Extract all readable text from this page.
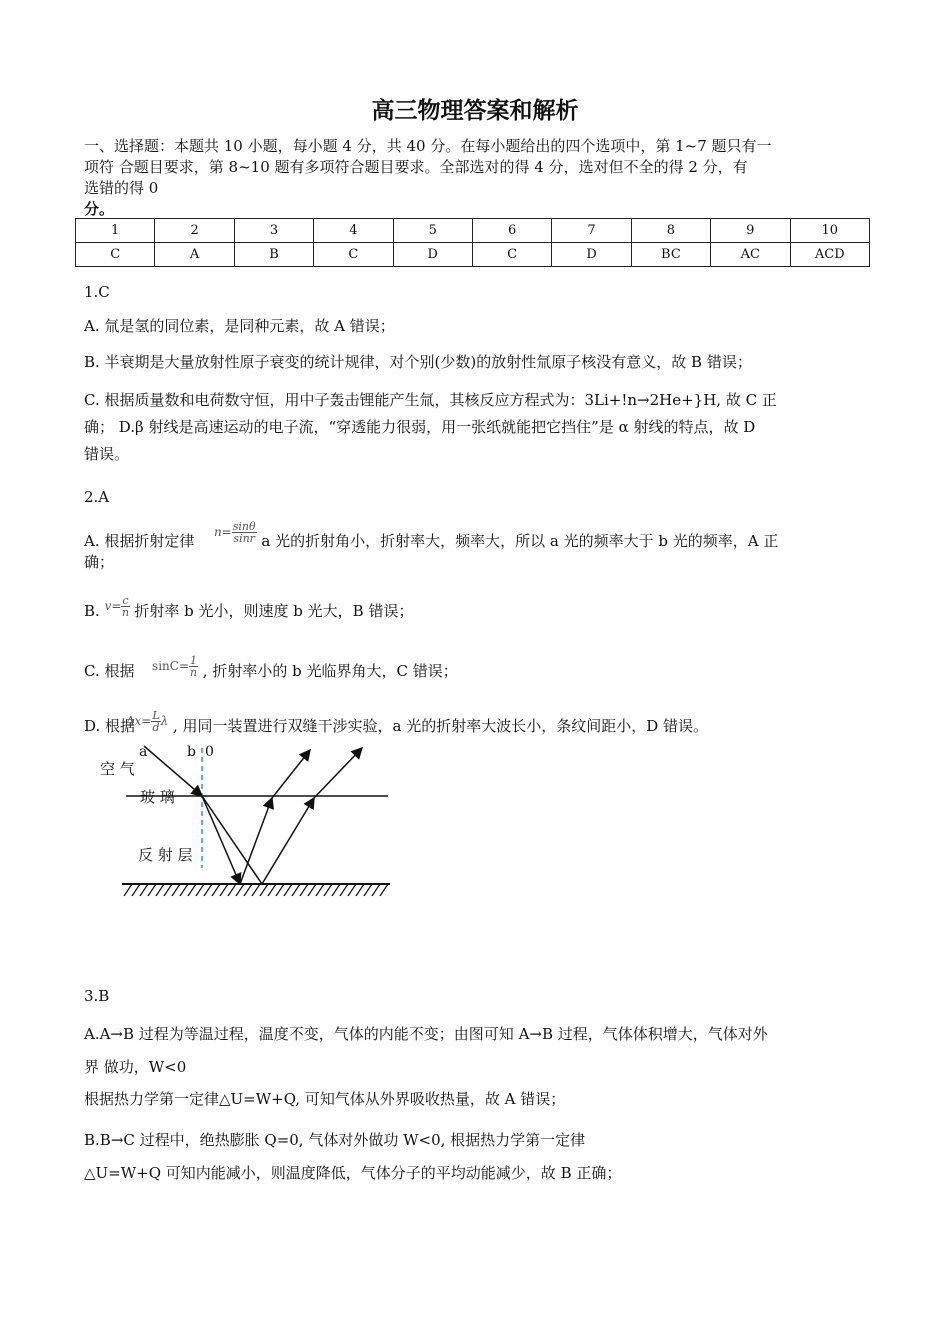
高三物理答案和解析
一、选择题：本题共 10 小题，每小题 4 分，共 40 分。在每小题给出的四个选项中，第 1~7 题只有一
项符 合题目要求，第 8~10 题有多项符合题目要求。全部选对的得 4 分，选对但不全的得 2 分，有
选错的得 0
分。
1	2	3	4	5	6	7	8	9	10
C	A	B	C	D	C	D	BC	AC	ACD
1.C
A. 氚是氢的同位素，是同种元素，故 A 错误；
B. 半衰期是大量放射性原子衰变的统计规律，对个别(少数)的放射性氚原子核没有意义，故 B 错误；
C. 根据质量数和电荷数守恒，用中子轰击锂能产生氚，其核反应方程式为：3Li+!n→2He+}H, 故 C 正
确； D.β 射线是高速运动的电子流，“穿透能力很弱，用一张纸就能把它挡住”是 α 射线的特点，故 D
错误。
2.A
A. 根据折射定律  $n= \frac{\sin\theta}{\sin r}$ a 光的折射角小，折射率大，频率大，所以 a 光的频率大于 b 光的频率，A 正
确；
B. $v= \frac{c}{n}$ 折射率 b 光小，则速度 b 光大，B 错误；
C. 根据 $\sin C= \frac{1}{n}$ , 折射率小的 b 光临界角大，C 错误；
D. 根据 $\Delta x= \frac{L}{d}$ λ , 用同一装置进行双缝干涉实验，a 光的折射率大波长小，条纹间距小，D 错误。
a	b 0
空 气
玻 璃
反 射 层
3.B
A.A→B 过程为等温过程，温度不变，气体的内能不变；由图可知 A→B 过程，气体体积增大，气体对外
界 做功，W<0
根据热力学第一定律△U=W+Q, 可知气体从外界吸收热量，故 A 错误；
B.B→C 过程中，绝热膨胀 Q=0, 气体对外做功 W<0, 根据热力学第一定律
△U=W+Q 可知内能减小，则温度降低，气体分子的平均动能减少，故 B 正确；
